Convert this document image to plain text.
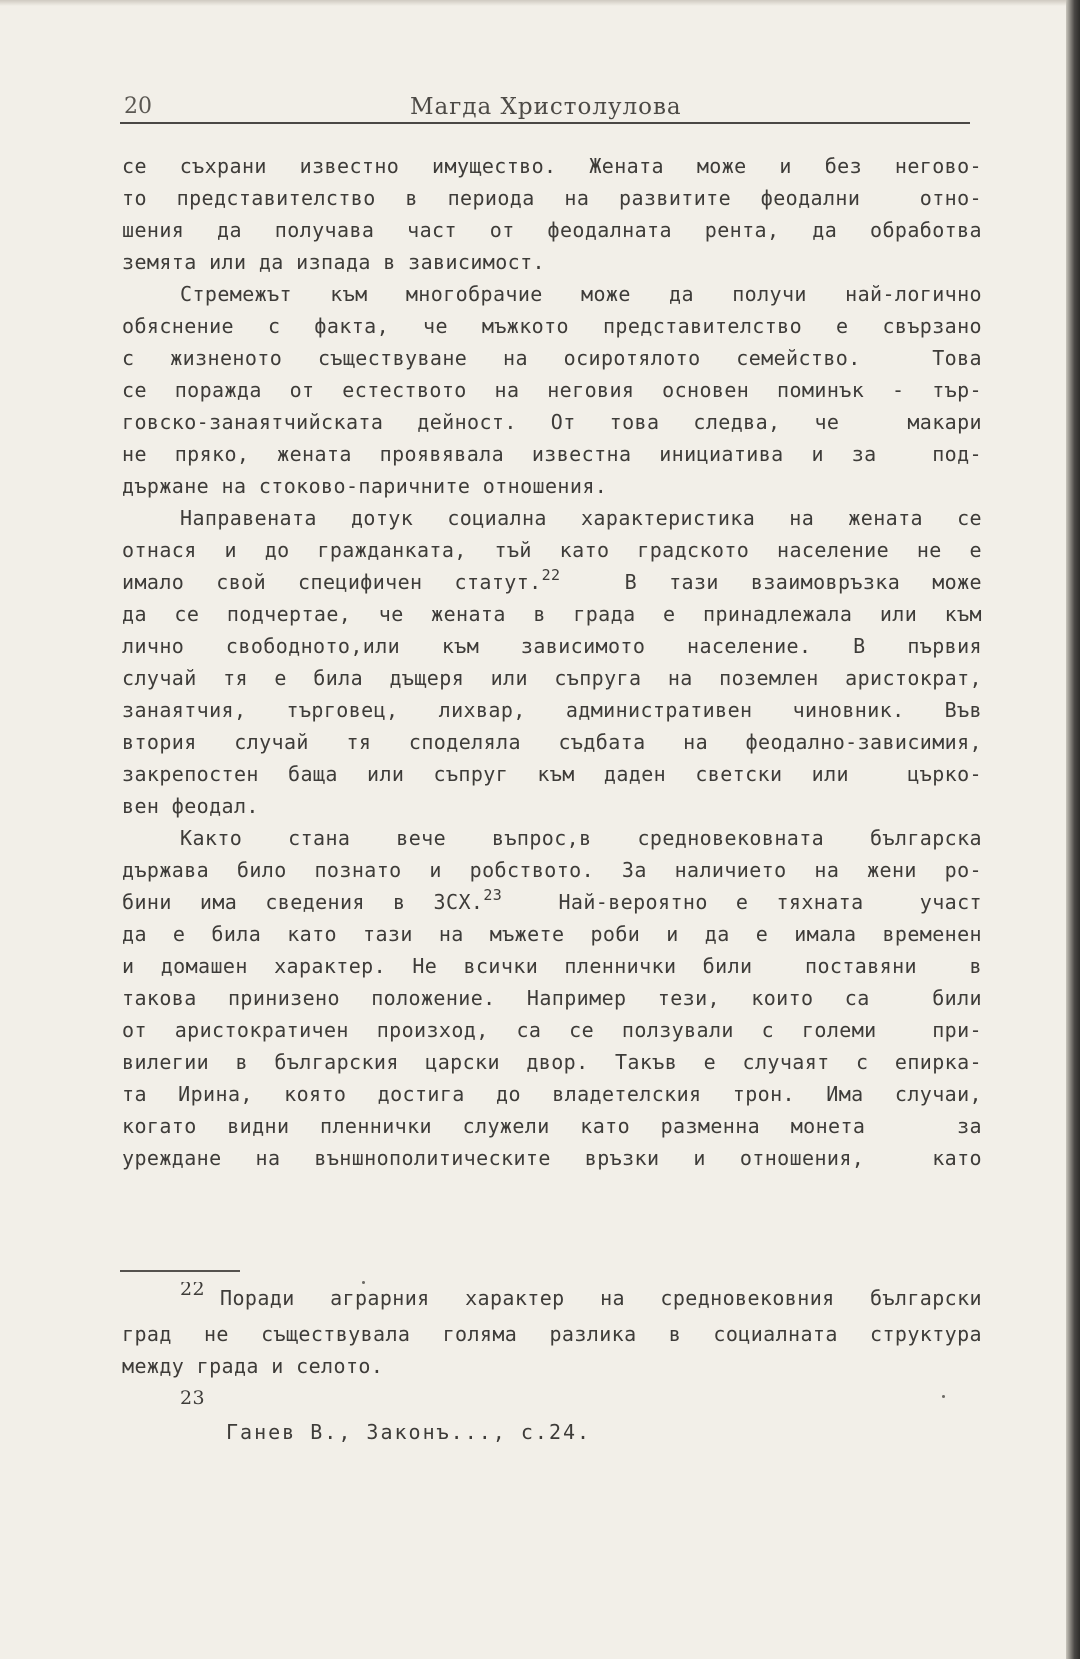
20	Магда Христолулова
се съхрани известно имущество. Жената може и без негово-
то представителство в периода на развитите феодални  отно-
шения да получава част от феодалната рента, да обработва
земята или да изпада в зависимост.
Стремежът към многобрачие може да получи най-логично
обяснение с факта, че мъжкото представителство е свързано
с жизненото съществуване на осиротялото семейство.  Това
се поражда от естеството на неговия основен поминък - тър-
говско-занаятчийската дейност. От това следва, че  макари
не пряко, жената проявявала известна инициатива и за  под-
държане на стоково-паричните отношения.
Направената дотук социална характеристика на жената се
отнася и до гражданката, тъй като градското население не е
имало свой специфичен статут.$^{22}$	В тази взаимовръзка може
да се подчертае, че жената в града е принадлежала или към
лично свободното,или към зависимото население. В първия
случай тя е била дъщеря или съпруга на поземлен аристократ,
занаятчия, търговец, лихвар, административен чиновник. Във
втория случай тя споделяла съдбата на феодално-зависимия,
закрепостен баща или съпруг към даден светски или  църко-
вен феодал.
Както стана вече въпрос,в средновековната българска
държава било познато и робството. За наличието на жени ро-
бини има сведения в ЗСХ.$^{23}$	Най-вероятно е тяхната  участ
да е била като тази на мъжете роби и да е имала временен
и домашен характер. Не всички пленнички били  поставяни  в
такова принизено положение. Например тези, които са  били
от аристократичен произход, са се ползували с големи  при-
вилегии в българския царски двор. Такъв е случаят с епирка-
та Ирина, която достига до владетелския трон. Има случаи,
когато видни пленнички служели като разменна монета   за
уреждане на външнополитическите връзки и отношения,  като
22 Поради аграрния характер на средновековния български
град не съществувала голяма разлика в социалната структура
между града и селото.
23
Ганев В., Законъ..., с.24.
